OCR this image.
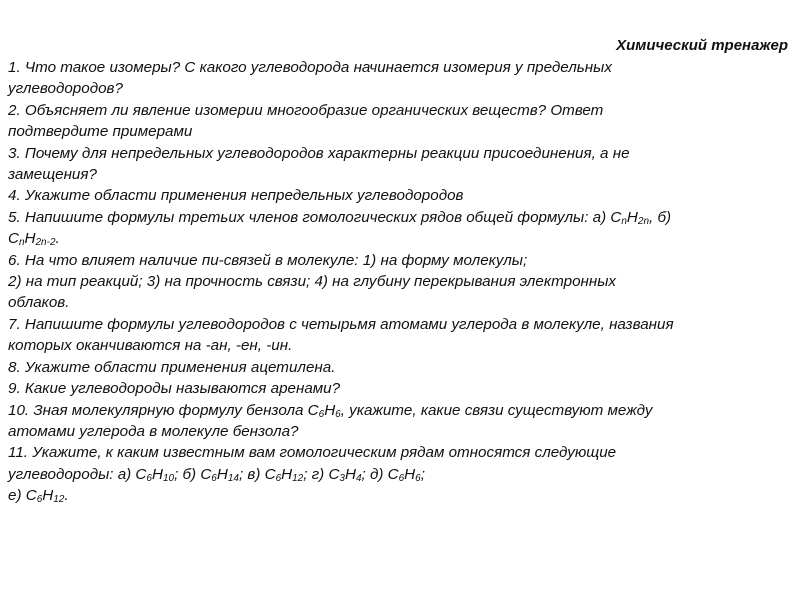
Химический тренажер
1. Что такое изомеры? С какого углеводорода начинается изомерия у предельных
углеводородов?
2. Объясняет ли явление изомерии многообразие органических веществ? Ответ
подтвердите примерами
3. Почему для непредельных углеводородов характерны реакции присоединения, а не
замещения?
4. Укажите области применения непредельных углеводородов
5. Напишите формулы третьих членов гомологических рядов общей формулы: а) $C_nH_{2n}$, б)
$C_nH_{2n-2}$.
6. На что влияет наличие пи-связей в молекуле: 1) на форму молекулы;
2) на тип реакций; 3) на прочность связи; 4) на глубину перекрывания электронных
облаков.
7. Напишите формулы углеводородов с четырьмя атомами углерода в молекуле, названия
которых оканчиваются на -ан, -ен, -ин.
8. Укажите области применения ацетилена.
9. Какие углеводороды называются аренами?
10. Зная молекулярную формулу бензола $C_6H_6$, укажите, какие связи существуют между
атомами углерода в молекуле бензола?
11. Укажите, к каким известным вам гомологическим рядам относятся следующие
углеводороды: а) $C_6H_{10}$; б) $C_6H_{14}$; в) $C_6H_{12}$; г) $C_3H_4$; д) $C_6H_6$;
е) $C_6H_{12}$.
